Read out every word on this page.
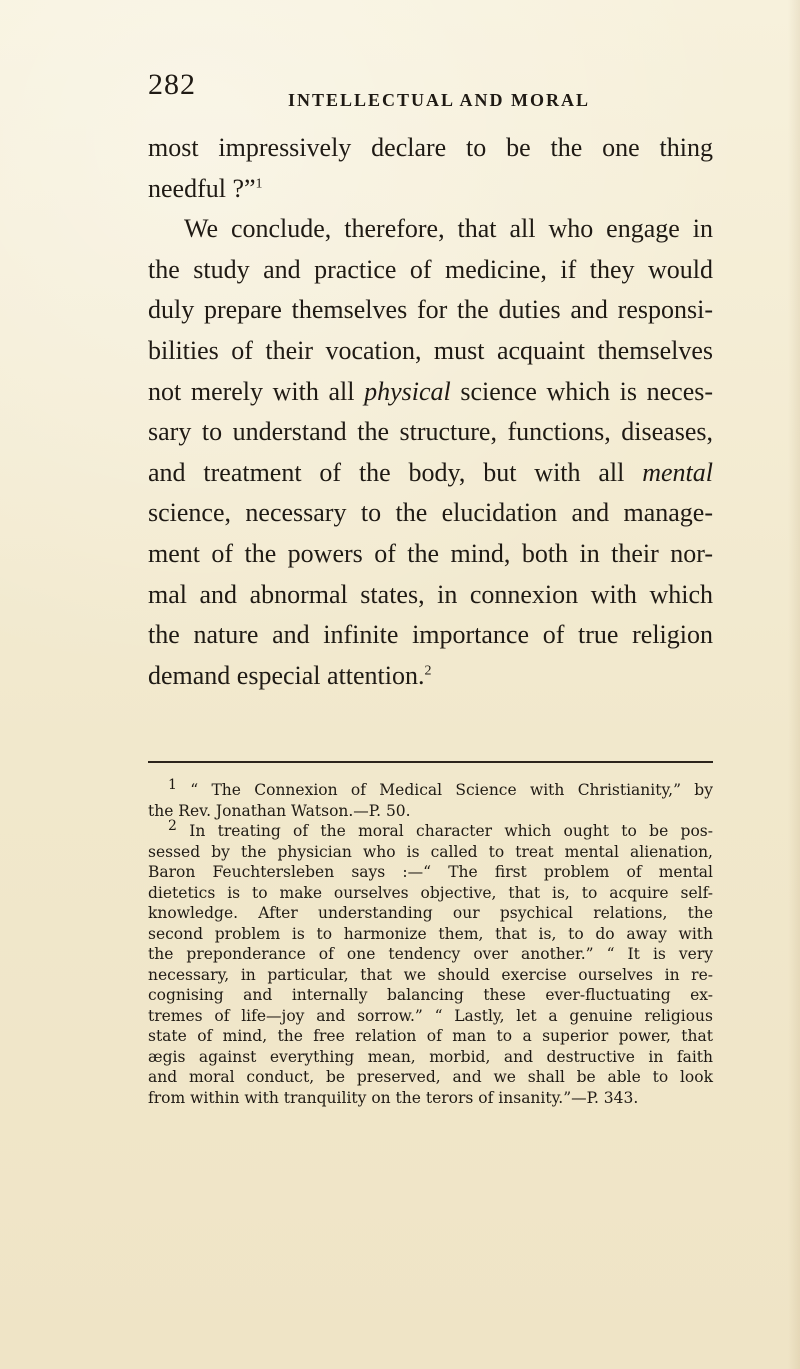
282	INTELLECTUAL AND MORAL
most impressively declare to be the one thing
needful ?”$^1$
We conclude, therefore, that all who engage in
the study and practice of medicine, if they would
duly prepare themselves for the duties and responsi-
bilities of their vocation, must acquaint themselves
not merely with all physical science which is neces-
sary to understand the structure, functions, diseases,
and treatment of the body, but with all mental
science, necessary to the elucidation and manage-
ment of the powers of the mind, both in their nor-
mal and abnormal states, in connexion with which
the nature and infinite importance of true religion
demand especial attention.$^2$
$^1$ “ The Connexion of Medical Science with Christianity,” by
the Rev. Jonathan Watson.—P. 50.
$^2$ In treating of the moral character which ought to be pos-
sessed by the physician who is called to treat mental alienation,
Baron Feuchtersleben says :—“ The first problem of mental
dietetics is to make ourselves objective, that is, to acquire self-
knowledge. After understanding our psychical relations, the
second problem is to harmonize them, that is, to do away with
the preponderance of one tendency over another.” “ It is very
necessary, in particular, that we should exercise ourselves in re-
cognising and internally balancing these ever-fluctuating ex-
tremes of life—joy and sorrow.” “ Lastly, let a genuine religious
state of mind, the free relation of man to a superior power, that
ægis against everything mean, morbid, and destructive in faith
and moral conduct, be preserved, and we shall be able to look
from within with tranquility on the terors of insanity.”—P. 343.
